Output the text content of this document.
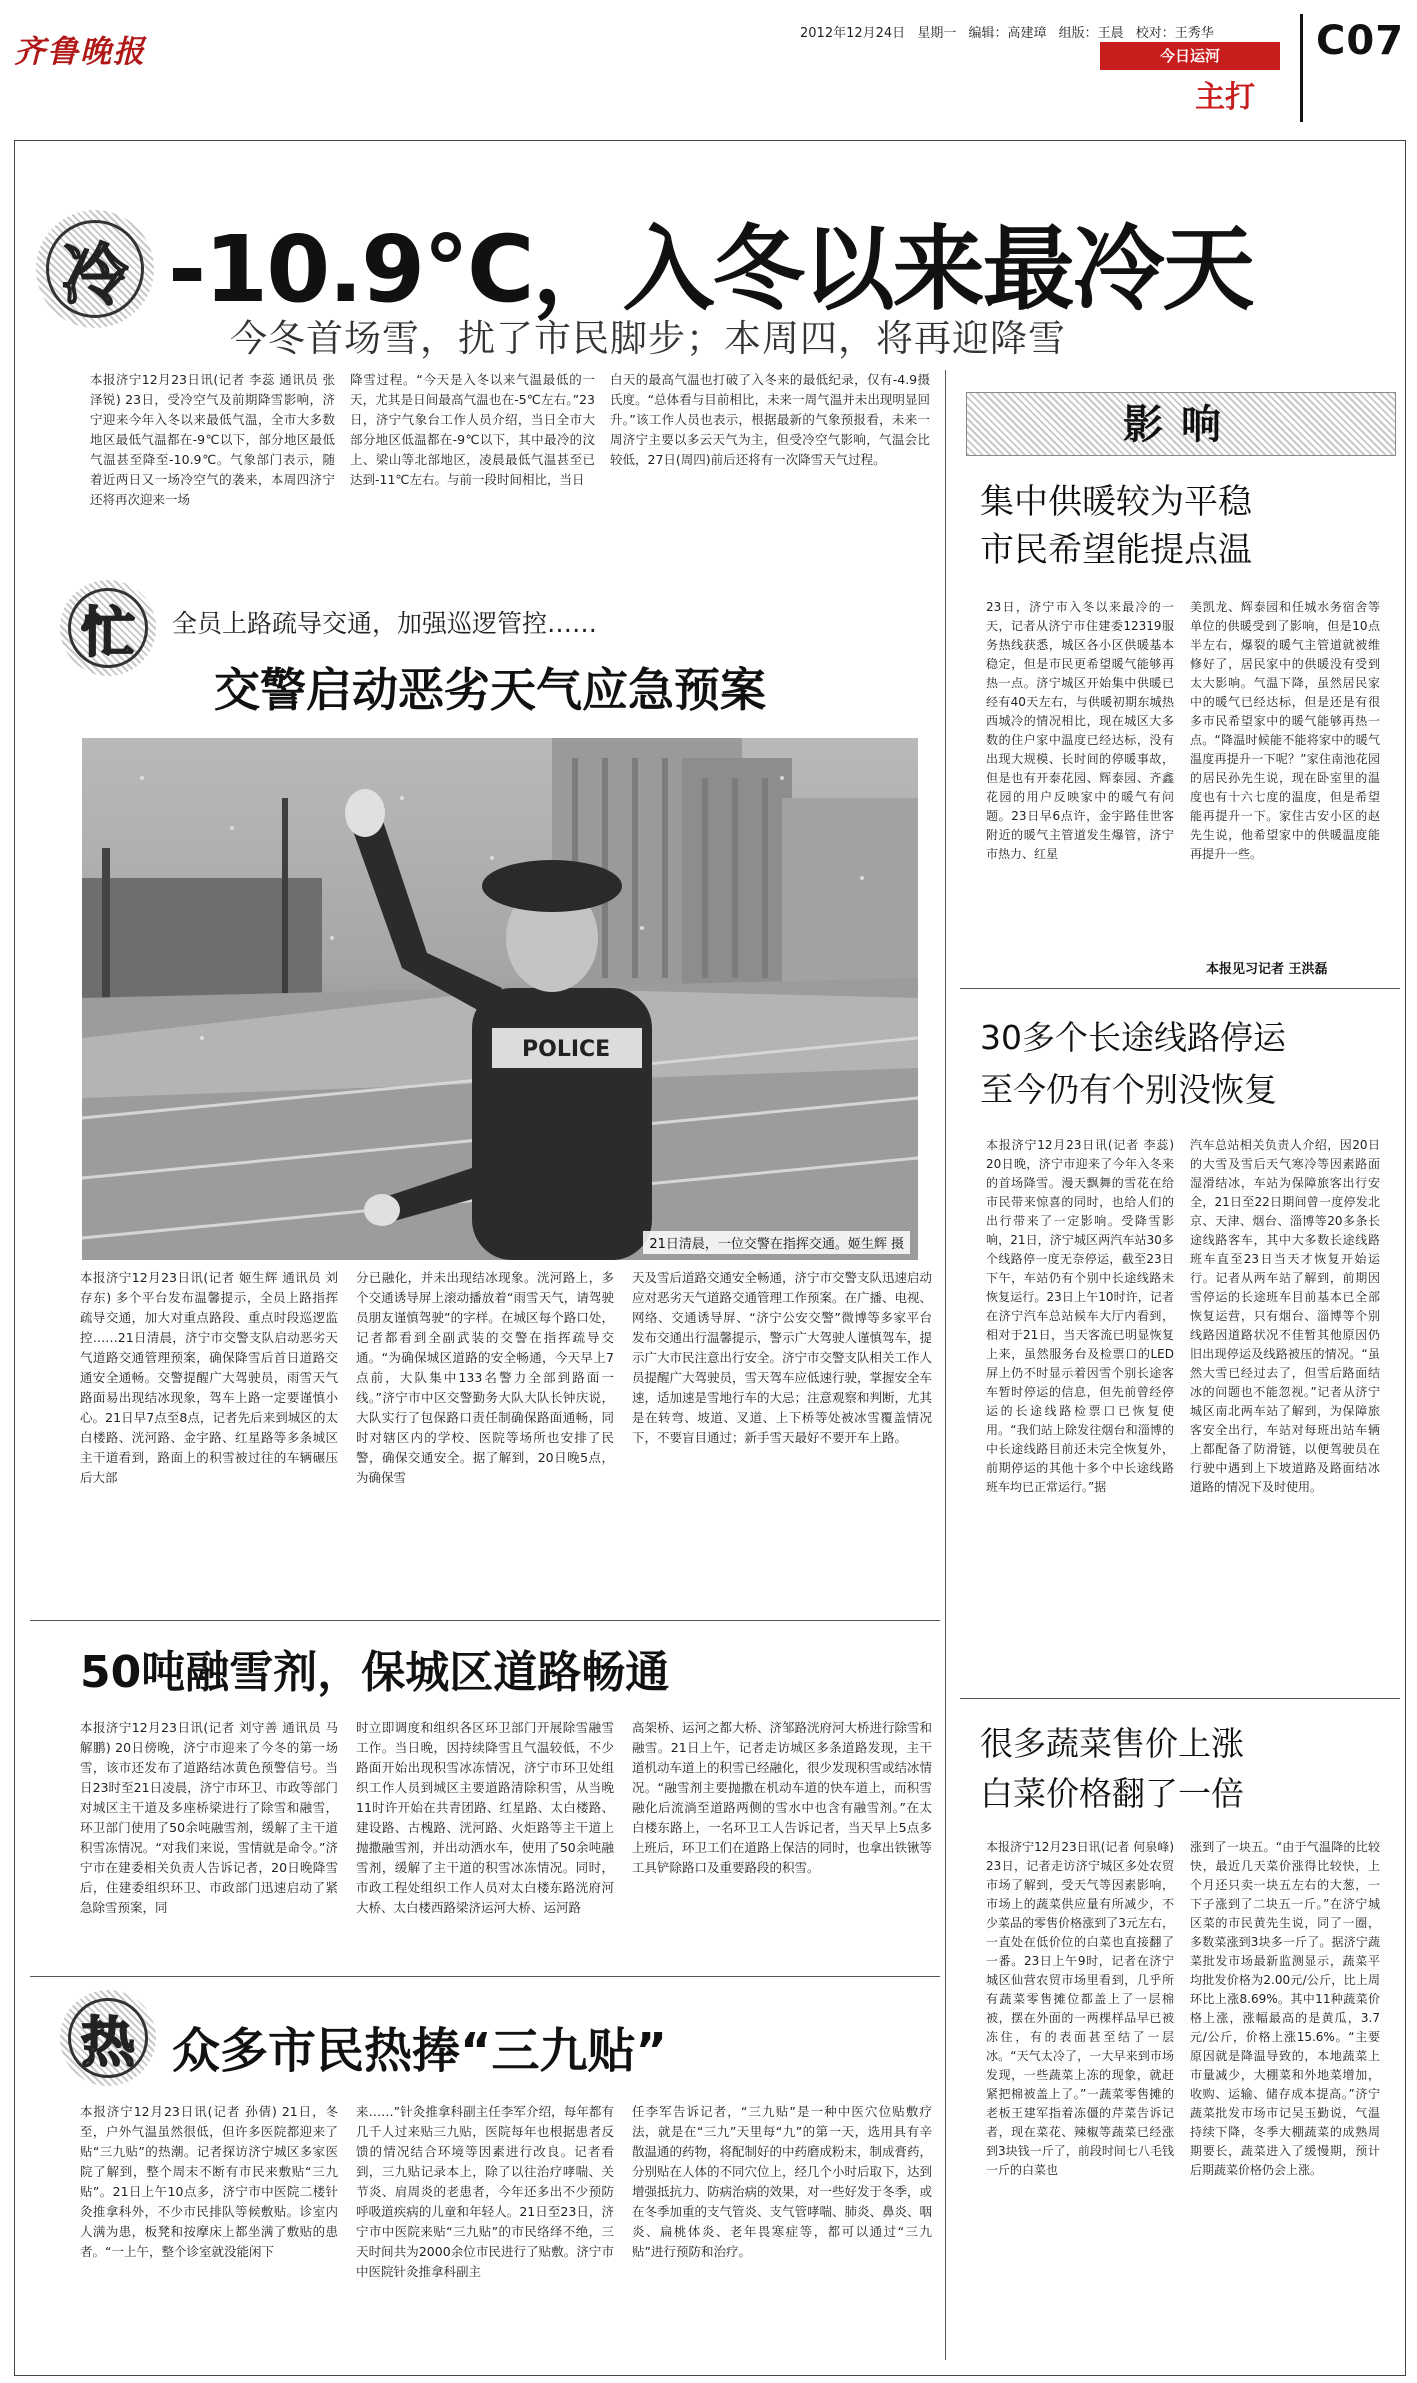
齐鲁晚报
2012年12月24日 星期一 编辑：高建璋 组版：王晨 校对：王秀华
今日运河
主打
C07
冷 -10.9℃，入冬以来最冷天
今冬首场雪，扰了市民脚步；本周四，将再迎降雪
本报济宁12月23日讯(记者 李蕊 通讯员 张泽锐) 23日，受冷空气及前期降雪影响，济宁迎来今年入冬以来最低气温，全市大多数地区最低气温都在-9℃以下，部分地区最低气温甚至降至-10.9℃。气象部门表示，随着近两日又一场冷空气的袭来，本周四济宁还将再次迎来一场
降雪过程。“今天是入冬以来气温最低的一天，尤其是日间最高气温也在-5℃左右。”23日，济宁气象台工作人员介绍，当日全市大部分地区低温都在-9℃以下，其中最冷的汶上、梁山等北部地区，凌晨最低气温甚至已达到-11℃左右。与前一段时间相比，当日
白天的最高气温也打破了入冬来的最低纪录，仅有-4.9摄氏度。“总体看与目前相比，未来一周气温并未出现明显回升。”该工作人员也表示，根据最新的气象预报看，未来一周济宁主要以多云天气为主，但受冷空气影响，气温会比较低，27日(周四)前后还将有一次降雪天气过程。
忙	全员上路疏导交通，加强巡逻管控……
交警启动恶劣天气应急预案
POLICE
21日清晨，一位交警在指挥交通。姬生辉 摄
本报济宁12月23日讯(记者 姬生辉 通讯员 刘存东) 多个平台发布温馨提示，全员上路指挥疏导交通，加大对重点路段、重点时段巡逻监控……21日清晨，济宁市交警支队启动恶劣天气道路交通管理预案，确保降雪后首日道路交通安全通畅。交警提醒广大驾驶员，雨雪天气路面易出现结冰现象，驾车上路一定要谨慎小心。21日早7点至8点，记者先后来到城区的太白楼路、洸河路、金宇路、红星路等多条城区主干道看到，路面上的积雪被过往的车辆碾压后大部
分已融化，并未出现结冰现象。洸河路上，多个交通诱导屏上滚动播放着“雨雪天气，请驾驶员朋友谨慎驾驶”的字样。在城区每个路口处，记者都看到全副武装的交警在指挥疏导交通。“为确保城区道路的安全畅通，今天早上7点前，大队集中133名警力全部到路面一线。”济宁市中区交警勤务大队大队长钟庆说，大队实行了包保路口责任制确保路面通畅，同时对辖区内的学校、医院等场所也安排了民警，确保交通安全。据了解到，20日晚5点，为确保雪
天及雪后道路交通安全畅通，济宁市交警支队迅速启动应对恶劣天气道路交通管理工作预案。在广播、电视、网络、交通诱导屏、“济宁公安交警”微博等多家平台发布交通出行温馨提示，警示广大驾驶人谨慎驾车，提示广大市民注意出行安全。济宁市交警支队相关工作人员提醒广大驾驶员，雪天驾车应低速行驶，掌握安全车速，适加速是雪地行车的大忌；注意观察和判断，尤其是在转弯、坡道、叉道、上下桥等处被冰雪覆盖情况下，不要盲目通过；新手雪天最好不要开车上路。
50吨融雪剂，保城区道路畅通
本报济宁12月23日讯(记者 刘守善 通讯员 马解鹏) 20日傍晚，济宁市迎来了今冬的第一场雪，该市还发布了道路结冰黄色预警信号。当日23时至21日凌晨，济宁市环卫、市政等部门对城区主干道及多座桥梁进行了除雪和融雪，环卫部门使用了50余吨融雪剂，缓解了主干道积雪冻情况。“对我们来说，雪情就是命令。”济宁市在建委相关负责人告诉记者，20日晚降雪后，住建委组织环卫、市政部门迅速启动了紧急除雪预案，同
时立即调度和组织各区环卫部门开展除雪融雪工作。当日晚，因持续降雪且气温较低，不少路面开始出现积雪冰冻情况，济宁市环卫处组织工作人员到城区主要道路清除积雪，从当晚11时许开始在共青团路、红星路、太白楼路、建设路、古槐路、洸河路、火炬路等主干道上抛撒融雪剂，并出动洒水车，使用了50余吨融雪剂，缓解了主干道的积雪冰冻情况。同时，市政工程处组织工作人员对太白楼东路洸府河大桥、太白楼西路梁济运河大桥、运河路
高架桥、运河之都大桥、济邹路洸府河大桥进行除雪和融雪。21日上午，记者走访城区多条道路发现，主干道机动车道上的积雪已经融化，很少发现积雪或结冰情况。“融雪剂主要抛撒在机动车道的快车道上，而积雪融化后流淌至道路两侧的雪水中也含有融雪剂。”在太白楼东路上，一名环卫工人告诉记者，当天早上5点多上班后，环卫工们在道路上保洁的同时，也拿出铁锹等工具铲除路口及重要路段的积雪。
热 众多市民热捧“三九贴”
本报济宁12月23日讯(记者 孙倩) 21日，冬至，户外气温虽然很低，但许多医院都迎来了贴“三九贴”的热潮。记者探访济宁城区多家医院了解到，整个周末不断有市民来敷贴“三九贴”。21日上午10点多，济宁市中医院二楼针灸推拿科外，不少市民排队等候敷贴。诊室内人满为患，板凳和按摩床上都坐满了敷贴的患者。“一上午，整个诊室就没能闲下
来……”针灸推拿科副主任李军介绍，每年都有几千人过来贴三九贴，医院每年也根据患者反馈的情况结合环境等因素进行改良。记者看到，三九贴记录本上，除了以往治疗哮喘、关节炎、肩周炎的老患者，今年还多出不少预防呼吸道疾病的儿童和年轻人。21日至23日，济宁市中医院来贴“三九贴”的市民络绎不绝，三天时间共为2000余位市民进行了贴敷。济宁市中医院针灸推拿科副主
任李军告诉记者，“三九贴”是一种中医穴位贴敷疗法，就是在“三九”天里每“九”的第一天，选用具有辛散温通的药物，将配制好的中药磨成粉末，制成膏药，分别贴在人体的不同穴位上，经几个小时后取下，达到增强抵抗力、防病治病的效果，对一些好发于冬季，或在冬季加重的支气管炎、支气管哮喘、肺炎、鼻炎、咽炎、扁桃体炎、老年畏寒症等，都可以通过“三九贴”进行预防和治疗。
影响
集中供暖较为平稳
市民希望能提点温
23日，济宁市入冬以来最冷的一天，记者从济宁市住建委12319服务热线获悉，城区各小区供暖基本稳定，但是市民更希望暖气能够再热一点。济宁城区开始集中供暖已经有40天左右，与供暖初期东城热西城冷的情况相比，现在城区大多数的住户家中温度已经达标，没有出现大规模、长时间的停暖事故，但是也有开泰花园、辉泰园、齐鑫花园的用户反映家中的暖气有问题。23日早6点许，金宇路佳世客附近的暖气主管道发生爆管，济宁市热力、红星
美凯龙、辉泰园和任城水务宿舍等单位的供暖受到了影响，但是10点半左右，爆裂的暖气主管道就被维修好了，居民家中的供暖没有受到太大影响。气温下降，虽然居民家中的暖气已经达标，但是还是有很多市民希望家中的暖气能够再热一点。“降温时候能不能将家中的暖气温度再提升一下呢？”家住南池花园的居民孙先生说，现在卧室里的温度也有十六七度的温度，但是希望能再提升一下。家住古安小区的赵先生说，他希望家中的供暖温度能再提升一些。
本报见习记者 王洪磊
30多个长途线路停运
至今仍有个别没恢复
本报济宁12月23日讯(记者 李蕊) 20日晚，济宁市迎来了今年入冬来的首场降雪。漫天飘舞的雪花在给市民带来惊喜的同时，也给人们的出行带来了一定影响。受降雪影响，21日，济宁城区两汽车站30多个线路停一度无奈停运，截至23日下午，车站仍有个别中长途线路未恢复运行。23日上午10时许，记者在济宁汽车总站候车大厅内看到，相对于21日，当天客流已明显恢复上来，虽然服务台及检票口的LED屏上仍不时显示着因雪个别长途客车暂时停运的信息，但先前曾经停运的长途线路检票口已恢复使用。“我们站上除发往烟台和淄博的中长途线路目前还未完全恢复外，前期停运的其他十多个中长途线路班车均已正常运行。”据
汽车总站相关负责人介绍，因20日的大雪及雪后天气寒冷等因素路面湿滑结冰，车站为保障旅客出行安全，21日至22日期间曾一度停发北京、天津、烟台、淄博等20多条长途线路客车，其中大多数长途线路班车直至23日当天才恢复开始运行。记者从两车站了解到，前期因雪停运的长途班车目前基本已全部恢复运营，只有烟台、淄博等个别线路因道路状况不佳暂其他原因仍旧出现停运及线路被压的情况。“虽然大雪已经过去了，但雪后路面结冰的问题也不能忽视。”记者从济宁城区南北两车站了解到，为保障旅客安全出行，车站对每班出站车辆上都配备了防滑链，以便驾驶员在行驶中遇到上下坡道路及路面结冰道路的情况下及时使用。
很多蔬菜售价上涨
白菜价格翻了一倍
本报济宁12月23日讯(记者 何泉峰) 23日，记者走访济宁城区多处农贸市场了解到，受天气等因素影响，市场上的蔬菜供应量有所减少，不少菜品的零售价格涨到了3元左右，一直处在低价位的白菜也直接翻了一番。23日上午9时，记者在济宁城区仙营农贸市场里看到，几乎所有蔬菜零售摊位都盖上了一层棉被，摆在外面的一两棵样品早已被冻住，有的表面甚至结了一层冰。“天气太冷了，一大早来到市场发现，一些蔬菜上冻的现象，就赶紧把棉被盖上了。”一蔬菜零售摊的老板王建军指着冻僵的芹菜告诉记者，现在菜花、辣椒等蔬菜已经涨到3块钱一斤了，前段时间七八毛钱一斤的白菜也
涨到了一块五。“由于气温降的比较快，最近几天菜价涨得比较快，上个月还只卖一块五左右的大葱，一下子涨到了二块五一斤。”在济宁城区菜的市民黄先生说，同了一圈，多数菜涨到3块多一斤了。据济宁蔬菜批发市场最新监测显示，蔬菜平均批发价格为2.00元/公斤，比上周环比上涨8.69%。其中11种蔬菜价格上涨，涨幅最高的是黄瓜，3.7元/公斤，价格上涨15.6%。“主要原因就是降温导致的，本地蔬菜上市量减少，大棚菜和外地菜增加，收购、运输、储存成本提高。”济宁蔬菜批发市场市记吴玉勤说，气温持续下降，冬季大棚蔬菜的成熟周期要长，蔬菜进入了缓慢期，预计后期蔬菜价格仍会上涨。
